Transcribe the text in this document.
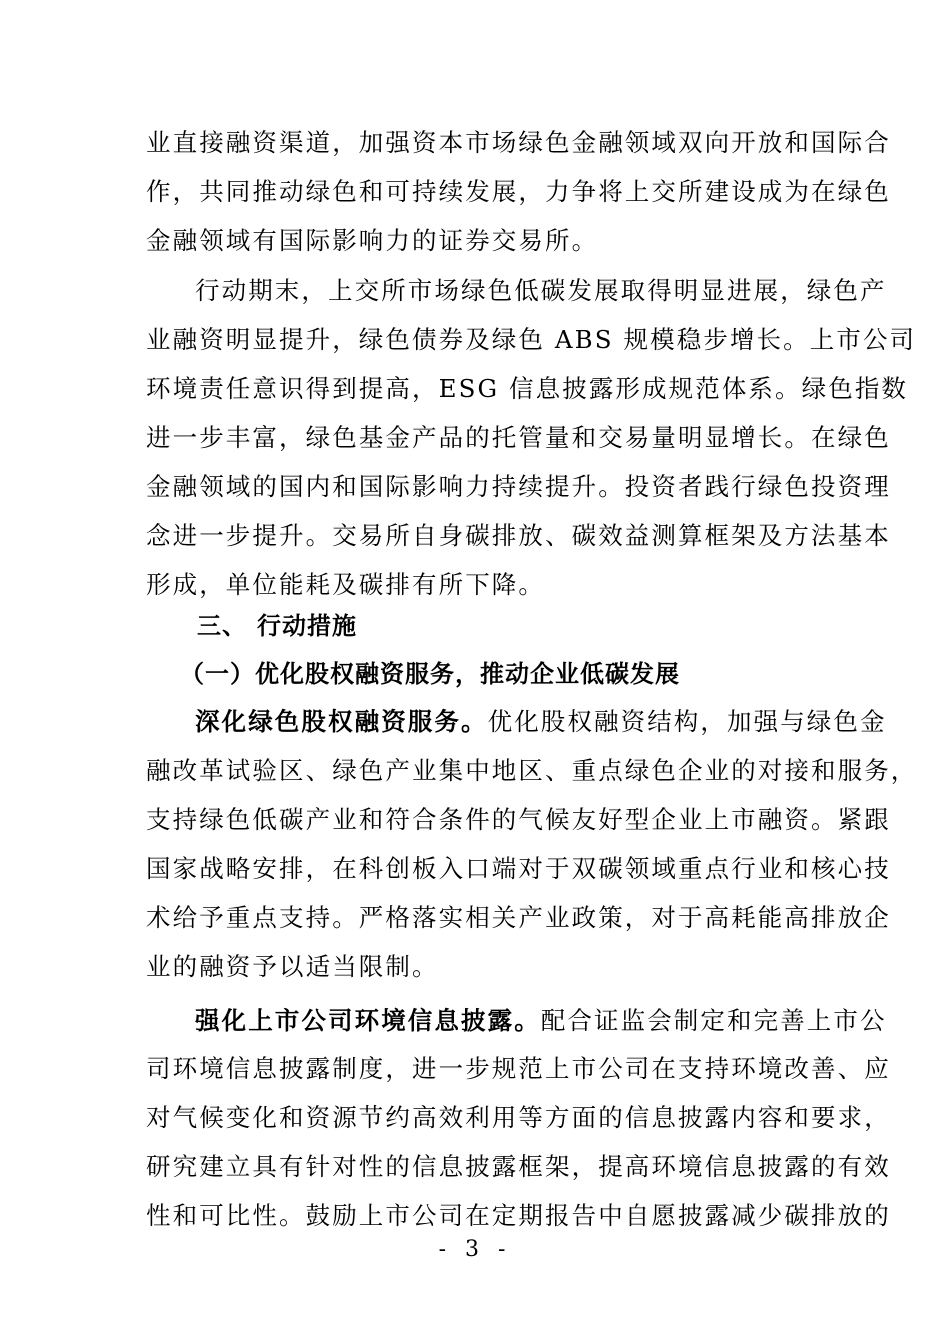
业直接融资渠道，加强资本市场绿色金融领域双向开放和国际合
作，共同推动绿色和可持续发展，力争将上交所建设成为在绿色
金融领域有国际影响力的证券交易所。
行动期末，上交所市场绿色低碳发展取得明显进展，绿色产
业融资明显提升，绿色债券及绿色 ABS 规模稳步增长。上市公司
环境责任意识得到提高，ESG 信息披露形成规范体系。绿色指数
进一步丰富，绿色基金产品的托管量和交易量明显增长。在绿色
金融领域的国内和国际影响力持续提升。投资者践行绿色投资理
念进一步提升。交易所自身碳排放、碳效益测算框架及方法基本
形成，单位能耗及碳排有所下降。
三、 行动措施
（一）优化股权融资服务，推动企业低碳发展
深化绿色股权融资服务。优化股权融资结构，加强与绿色金
融改革试验区、绿色产业集中地区、重点绿色企业的对接和服务，
支持绿色低碳产业和符合条件的气候友好型企业上市融资。紧跟
国家战略安排，在科创板入口端对于双碳领域重点行业和核心技
术给予重点支持。严格落实相关产业政策，对于高耗能高排放企
业的融资予以适当限制。
强化上市公司环境信息披露。配合证监会制定和完善上市公
司环境信息披露制度，进一步规范上市公司在支持环境改善、应
对气候变化和资源节约高效利用等方面的信息披露内容和要求，
研究建立具有针对性的信息披露框架，提高环境信息披露的有效
性和可比性。鼓励上市公司在定期报告中自愿披露减少碳排放的
- 3 -
